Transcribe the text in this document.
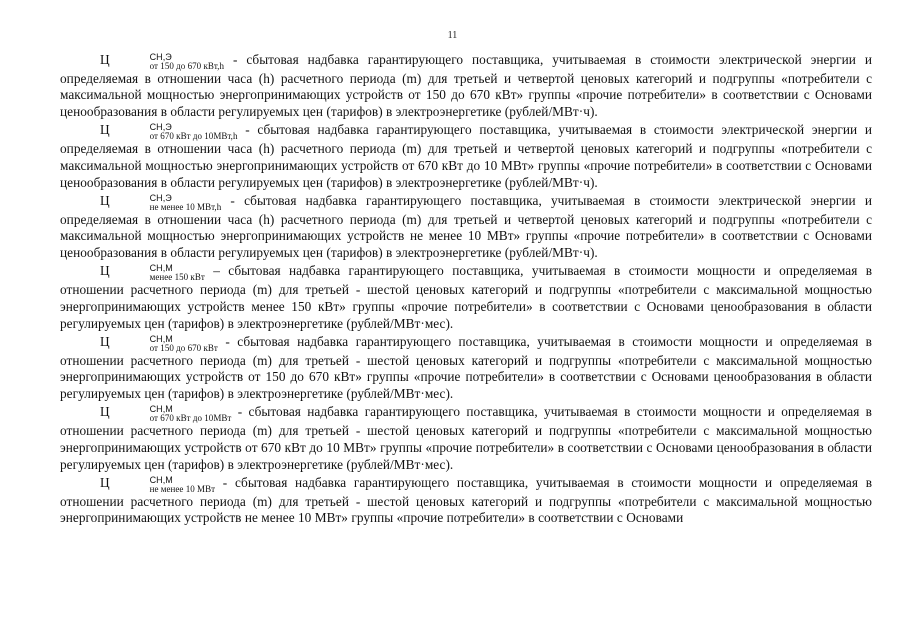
11

Ц	СН,Э
от 150 до 670 кВт,h - сбытовая надбавка гарантирующего поставщика, учитываемая в стоимости электрической энергии и определяемая в отношении часа (h) расчетного периода (m) для третьей и четвертой ценовых категорий и подгруппы «потребители с максимальной мощностью энергопринимающих устройств от 150 до 670 кВт» группы «прочие потребители» в соответствии с Основами ценообразования в области регулируемых цен (тарифов) в электроэнергетике (рублей/МВт·ч).

Ц	СН,Э
от 670 кВт до 10МВт,h - сбытовая надбавка гарантирующего поставщика, учитываемая в стоимости электрической энергии и определяемая в отношении часа (h) расчетного периода (m) для третьей и четвертой ценовых категорий и подгруппы «потребители с максимальной мощностью энергопринимающих устройств от 670 кВт до 10 МВт» группы «прочие потребители» в соответствии с Основами ценообразования в области регулируемых цен (тарифов) в электроэнергетике (рублей/МВт·ч).

Ц	СН,Э
не менее 10 МВт,h - сбытовая надбавка гарантирующего поставщика, учитываемая в стоимости электрической энергии и определяемая в отношении часа (h) расчетного периода (m) для третьей и четвертой ценовых категорий и подгруппы «потребители с максимальной мощностью энергопринимающих устройств не менее 10 МВт» группы «прочие потребители» в соответствии с Основами ценообразования в области регулируемых цен (тарифов) в электроэнергетике (рублей/МВт·ч).

Ц	СН,М
менее 150 кВт – сбытовая надбавка гарантирующего поставщика, учитываемая в стоимости мощности и определяемая в отношении расчетного периода (m) для третьей - шестой ценовых категорий и подгруппы «потребители с максимальной мощностью энергопринимающих устройств менее 150 кВт» группы «прочие потребители» в соответствии с Основами ценообразования в области регулируемых цен (тарифов) в электроэнергетике (рублей/МВт·мес).

Ц	СН,М
от 150 до 670 кВт - сбытовая надбавка гарантирующего поставщика, учитываемая в стоимости мощности и определяемая в отношении расчетного периода (m) для третьей - шестой ценовых категорий и подгруппы «потребители с максимальной мощностью энергопринимающих устройств от 150 до 670 кВт» группы «прочие потребители» в соответствии с Основами ценообразования в области регулируемых цен (тарифов) в электроэнергетике (рублей/МВт·мес).

Ц	СН,М
от 670 кВт до 10МВт - сбытовая надбавка гарантирующего поставщика, учитываемая в стоимости мощности и определяемая в отношении расчетного периода (m) для третьей - шестой ценовых категорий и подгруппы «потребители с максимальной мощностью энергопринимающих устройств от 670 кВт до 10 МВт» группы «прочие потребители» в соответствии с Основами ценообразования в области регулируемых цен (тарифов) в электроэнергетике (рублей/МВт·мес).

Ц	СН,М
не менее 10 МВт - сбытовая надбавка гарантирующего поставщика, учитываемая в стоимости мощности и определяемая в отношении расчетного периода (m) для третьей - шестой ценовых категорий и подгруппы «потребители с максимальной мощностью энергопринимающих устройств не менее 10 МВт» группы «прочие потребители» в соответствии с Основами
